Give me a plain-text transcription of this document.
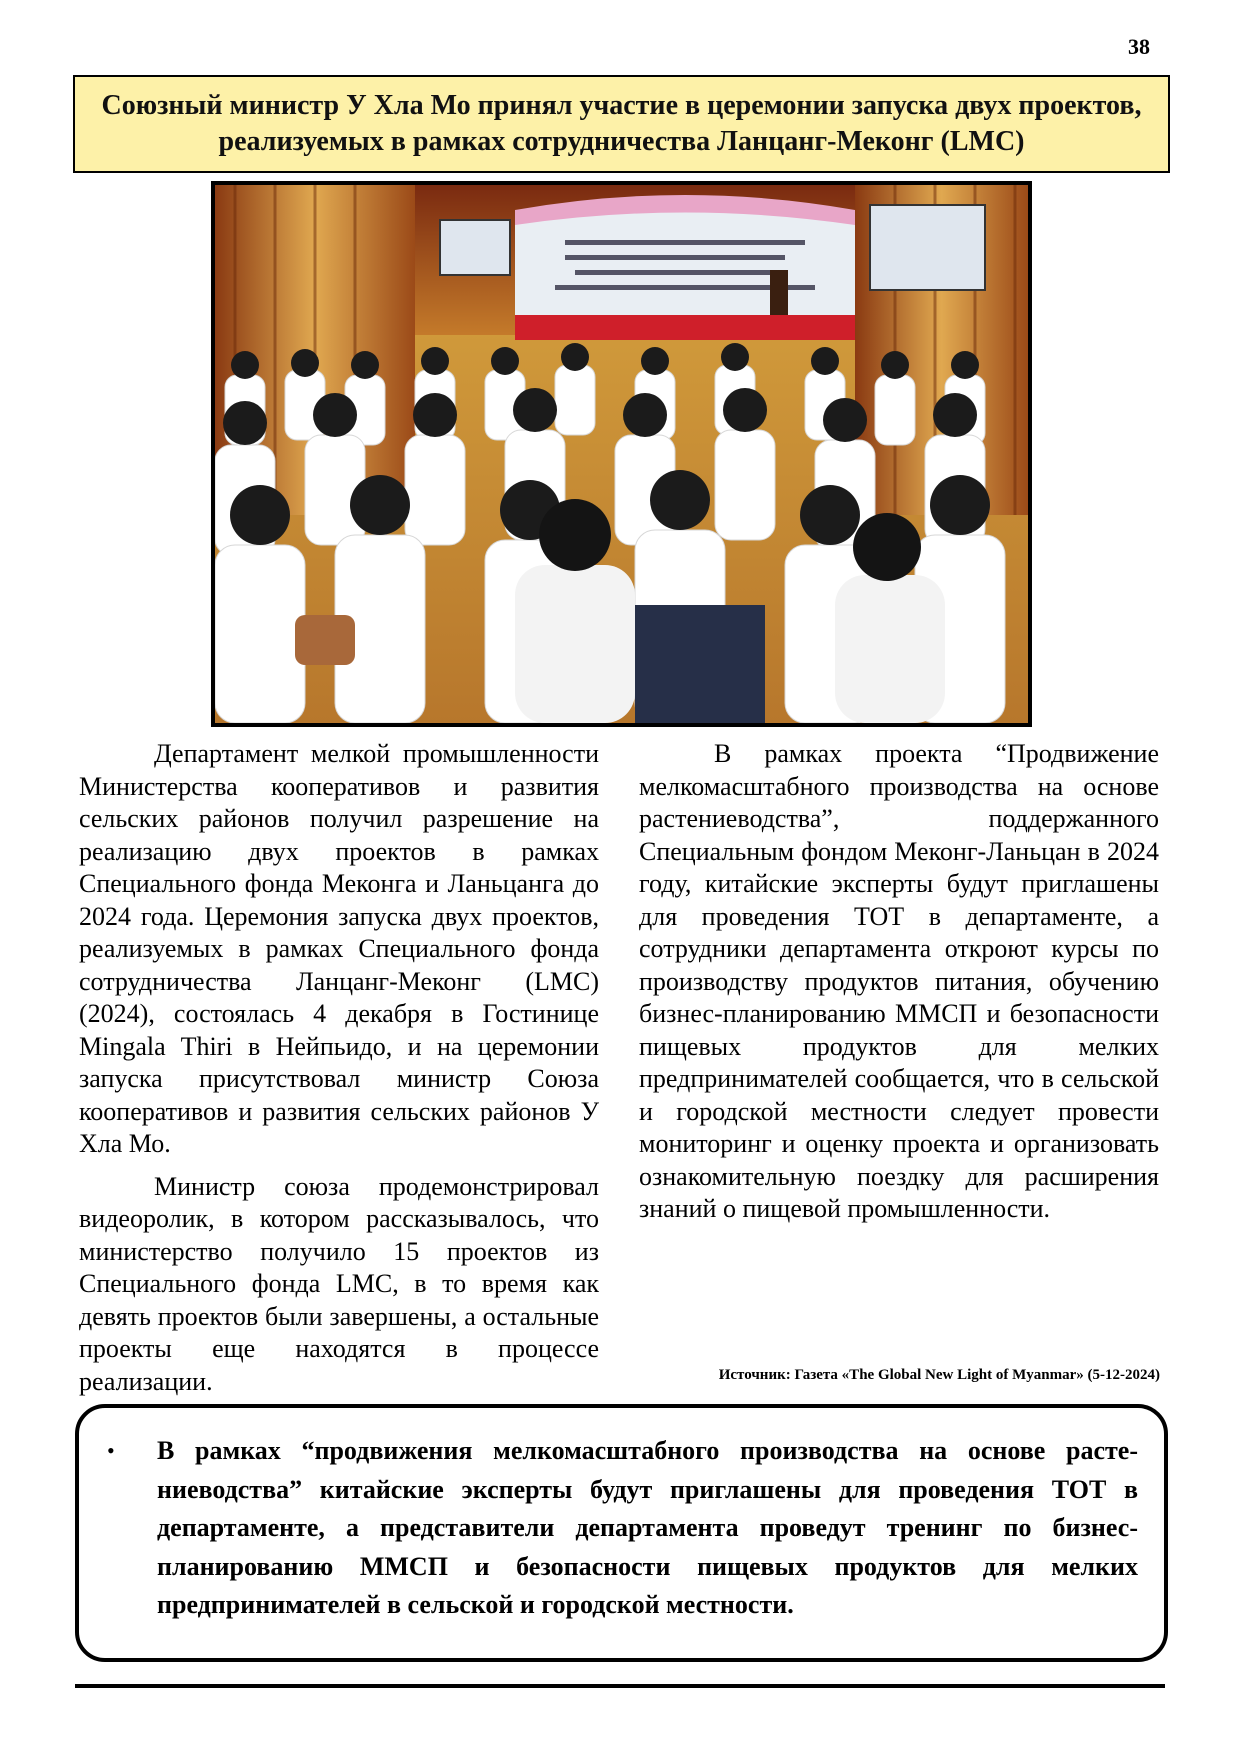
38
Союзный министр У Хла Мо принял участие в церемонии запуска двух проектов, реализуемых в рамках сотрудничества Ланцанг-Меконг (LMC)

Департамент мелкой промышленности Министерства кооперативов и развития сельских районов получил разрешение на реализацию двух проектов в рамках Специального фонда Меконга и Ланьцанга до 2024 года. Церемония запуска двух проектов, реализуемых в рамках Специального фонда сотрудничества Ланцанг-Меконг (LMC) (2024), состоялась 4 декабря в Гостинице Mingala Thiri в Нейпьидо, и на церемонии запуска присутствовал министр Союза кооперативов и развития сельских районов У Хла Мо.

Министр союза продемонстрировал видеоролик, в котором рассказывалось, что министерство получило 15 проектов из Специального фонда LMC, в то время как девять проектов были завершены, а остальные проекты еще находятся в процессе реализации.

В рамках проекта “Продвижение мелкомасштабного производства на основе растениеводства”, поддержанного Специальным фондом Меконг-Ланьцан в 2024 году, китайские эксперты будут приглашены для проведения ТОТ в департаменте, а сотрудники департамента откроют курсы по производству продуктов питания, обучению бизнес-планированию ММСП и безопасности пищевых продуктов для мелких предпринимателей сообщается, что в сельской и городской местности следует провести мониторинг и оценку проекта и организовать ознакомительную поездку для расширения знаний о пищевой промышленности.

Источник: Газета «The Global New Light of Myanmar» (5-12-2024)
•	В рамках “продвижения мелкомасштабного производства на основе растениеводства” китайские эксперты будут приглашены для проведения ТОТ в департаменте, а представители департамента проведут тренинг по бизнеспланированию ММСП и безопасности пищевых продуктов для мелких предпринимателей в сельской и городской местности.
